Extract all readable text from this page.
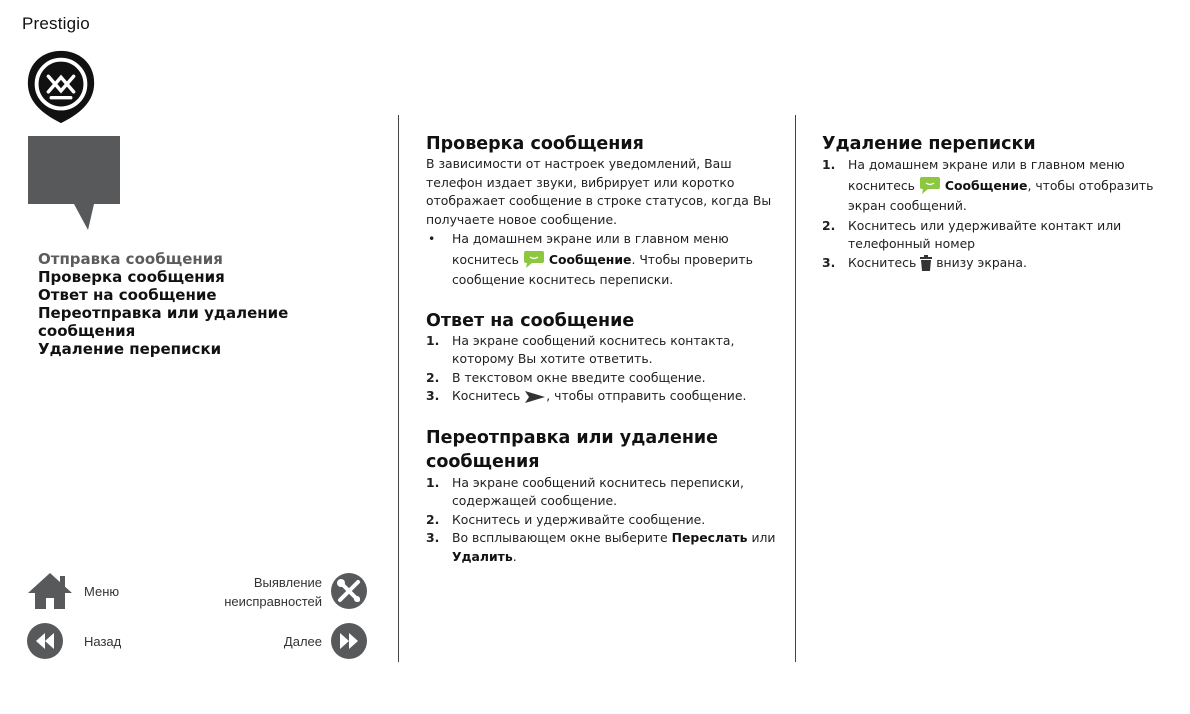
Prestigio
Отправка сообщения
Проверка сообщения
Ответ на сообщение
Переотправка или удаление сообщения
Удаление переписки
Проверка сообщения

В зависимости от настроек уведомлений, Ваш телефон издает звуки, вибрирует или коротко отображает сообщение в строке статусов, когда Вы получаете новое сообщение.

• На домашнем экране или в главном меню коснитесь Сообщение. Чтобы проверить сообщение коснитесь переписки.
Ответ на сообщение
1. На экране сообщений коснитесь контакта, которому Вы хотите ответить.
2. В текстовом окне введите сообщение.
3. Коснитесь , чтобы отправить сообщение.
Переотправка или удаление сообщения
1. На экране сообщений коснитесь переписки, содержащей сообщение.
2. Коснитесь и удерживайте сообщение.
3. Во всплывающем окне выберите Переслать или Удалить.
Удаление переписки
1. На домашнем экране или в главном меню коснитесь Сообщение, чтобы отобразить экран сообщений.
2. Коснитесь или удерживайте контакт или телефонный номер
3. Коснитесь внизу экрана.
Меню
Выявление
неисправностей
Назад	Далее
